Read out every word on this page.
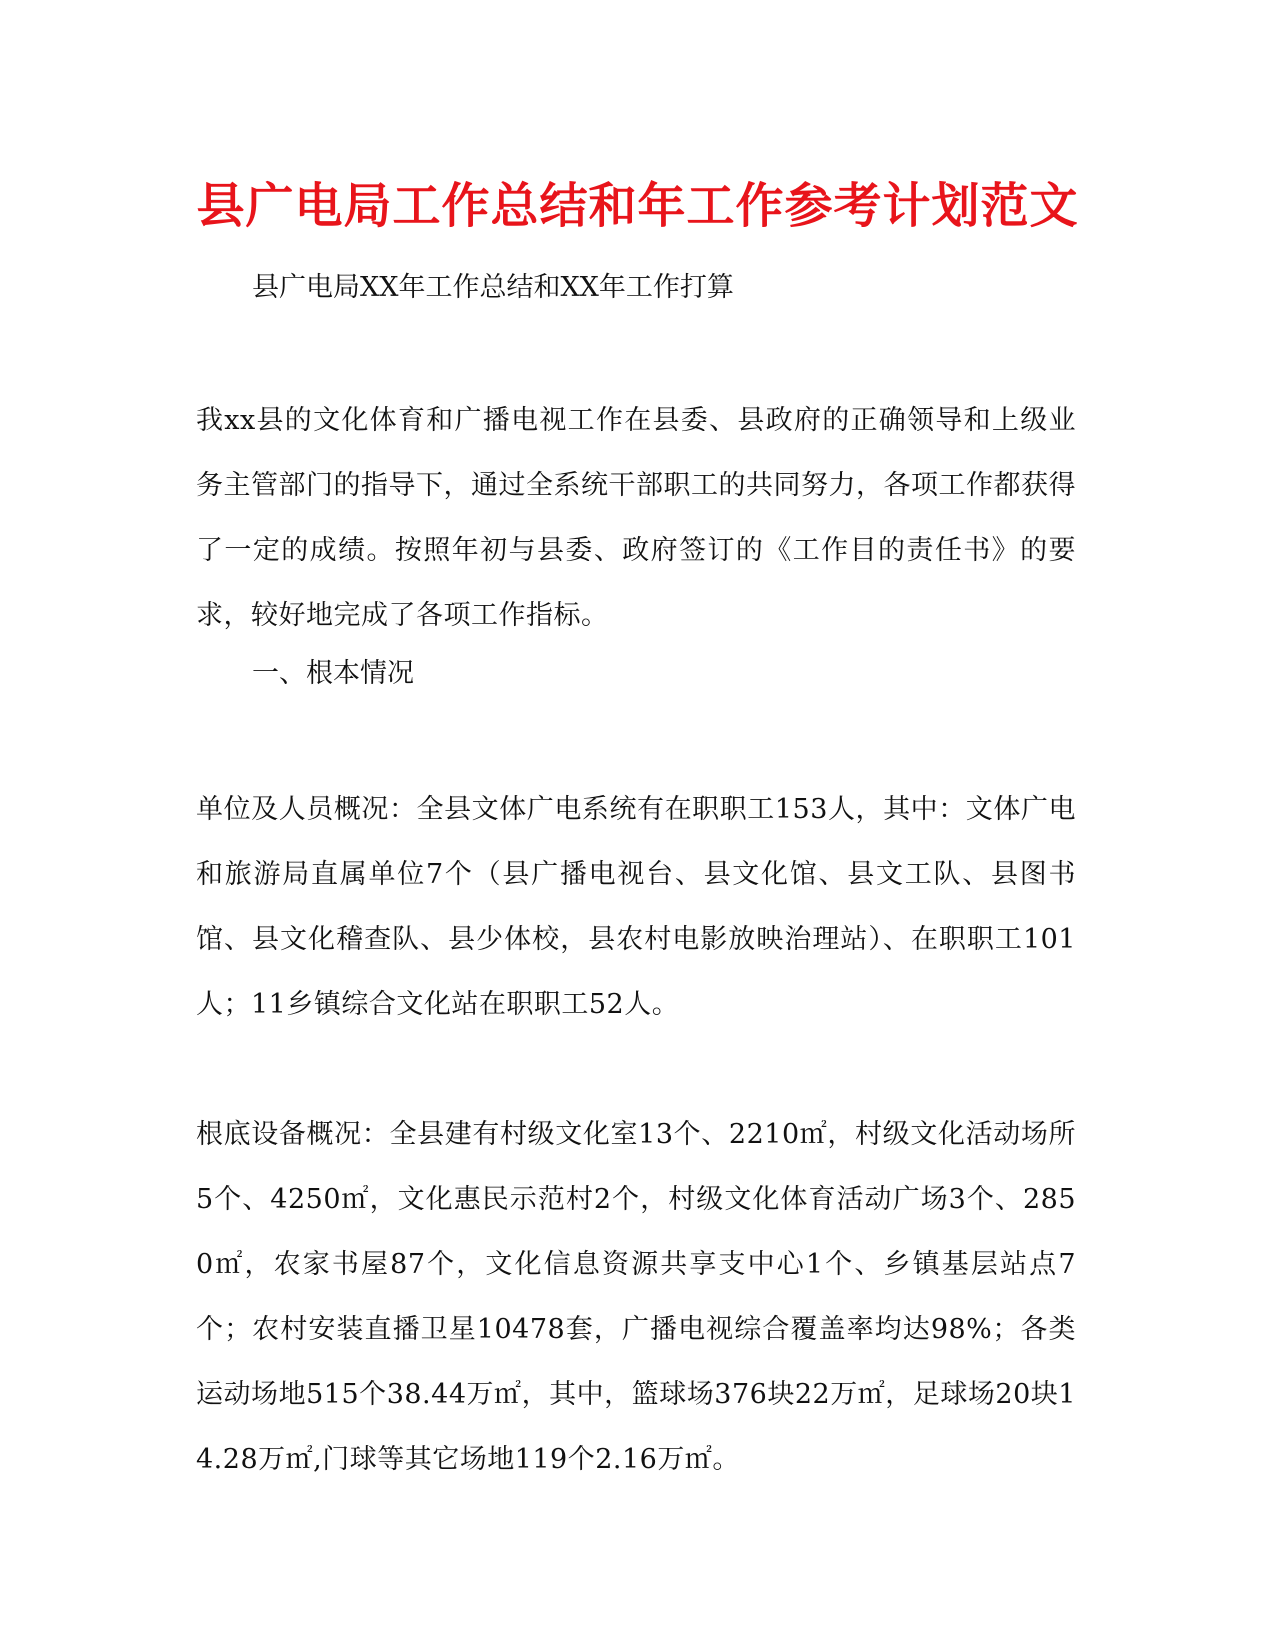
县广电局工作总结和年工作参考计划范文
县广电局XX年工作总结和XX年工作打算
我xx县的文化体育和广播电视工作在县委、县政府的正确领导和上级业务主管部门的指导下，通过全系统干部职工的共同努力，各项工作都获得了一定的成绩。按照年初与县委、政府签订的《工作目的责任书》的要求，较好地完成了各项工作指标。
一、根本情况
单位及人员概况：全县文体广电系统有在职职工153人，其中：文体广电和旅游局直属单位7个（县广播电视台、县文化馆、县文工队、县图书馆、县文化稽查队、县少体校，县农村电影放映治理站）、在职职工101人；11乡镇综合文化站在职职工52人。
根底设备概况：全县建有村级文化室13个、2210㎡，村级文化活动场所5个、4250㎡，文化惠民示范村2个，村级文化体育活动广场3个、2850㎡，农家书屋87个，文化信息资源共享支中心1个、乡镇基层站点7个；农村安装直播卫星10478套，广播电视综合覆盖率均达98%；各类运动场地515个38.44万㎡，其中，篮球场376块22万㎡，足球场20块14.28万㎡,门球等其它场地119个2.16万㎡。
